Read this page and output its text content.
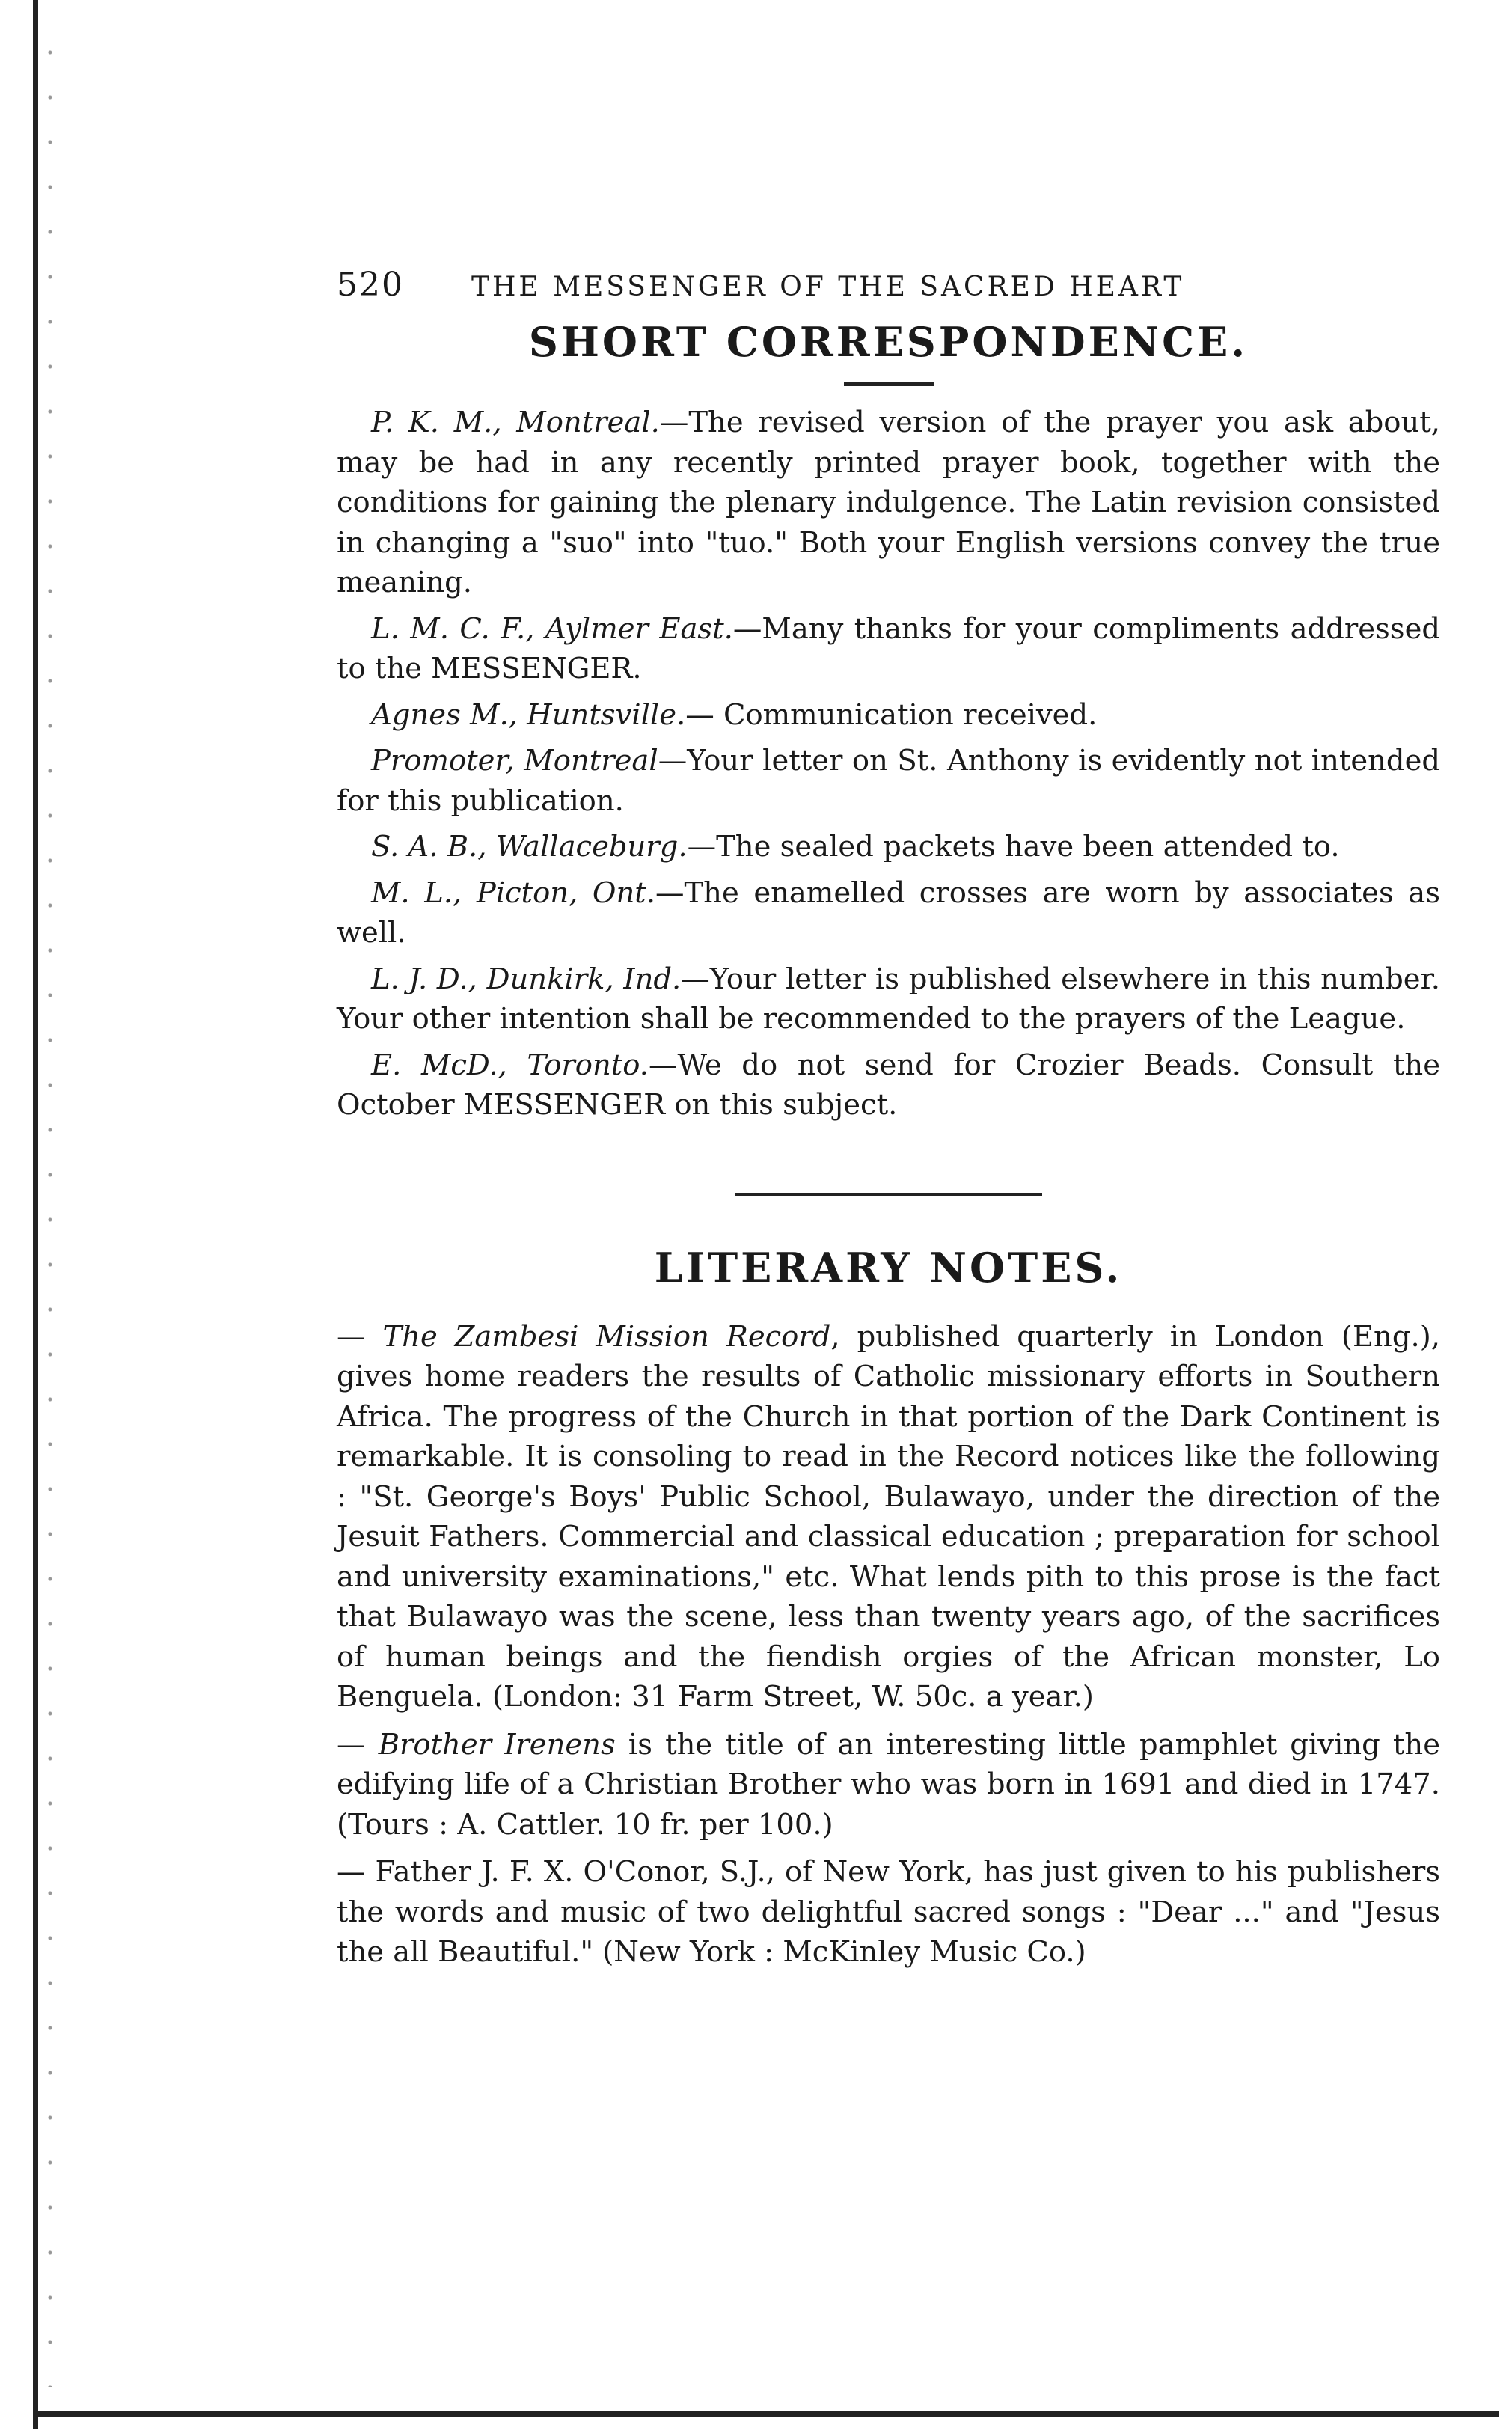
520	THE MESSENGER OF THE SACRED HEART
SHORT CORRESPONDENCE.

P. K. M., Montreal.—The revised version of the prayer you ask about, may be had in any recently printed prayer book, together with the conditions for gaining the plenary indulgence. The Latin revision consisted in changing a "suo" into "tuo." Both your English versions convey the true meaning.

L. M. C. F., Aylmer East.—Many thanks for your compliments addressed to the MESSENGER.

Agnes M., Huntsville.— Communication received.

Promoter, Montreal—Your letter on St. Anthony is evidently not intended for this publication.

S. A. B., Wallaceburg.—The sealed packets have been attended to.

M. L., Picton, Ont.—The enamelled crosses are worn by associates as well.

L. J. D., Dunkirk, Ind.—Your letter is published elsewhere in this number. Your other intention shall be recommended to the prayers of the League.

E. McD., Toronto.—We do not send for Crozier Beads. Consult the October MESSENGER on this subject.

LITERARY NOTES.

— The Zambesi Mission Record, published quarterly in London (Eng.), gives home readers the results of Catholic missionary efforts in Southern Africa. The progress of the Church in that portion of the Dark Continent is remarkable. It is consoling to read in the Record notices like the following : "St. George's Boys' Public School, Bulawayo, under the direction of the Jesuit Fathers. Commercial and classical education ; preparation for school and university examinations," etc. What lends pith to this prose is the fact that Bulawayo was the scene, less than twenty years ago, of the sacrifices of human beings and the fiendish orgies of the African monster, Lo Benguela. (London: 31 Farm Street, W. 50c. a year.)

— Brother Irenens is the title of an interesting little pamphlet giving the edifying life of a Christian Brother who was born in 1691 and died in 1747. (Tours : A. Cattler. 10 fr. per 100.)

— Father J. F. X. O'Conor, S.J., of New York, has just given to his publishers the words and music of two delightful sacred songs : "Dear ..." and "Jesus the all Beautiful." (New York : McKinley Music Co.)
